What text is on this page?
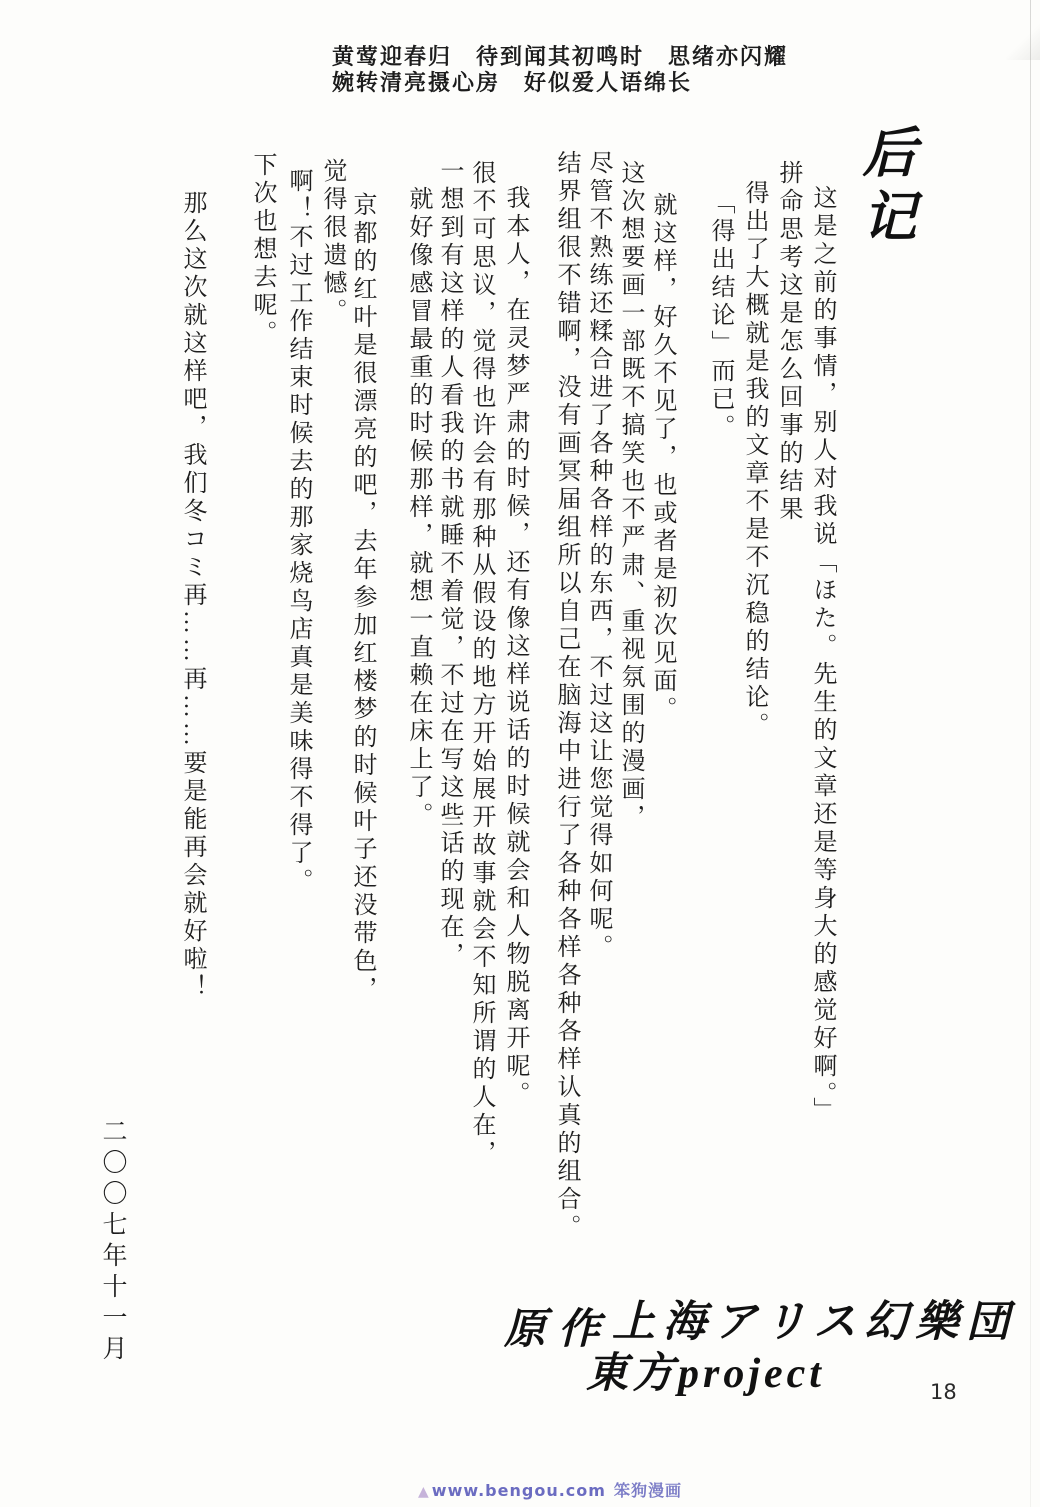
黄莺迎春归　待到闻其初鸣时　思绪亦闪耀
婉转清亮摄心房　好似爱人语绵长
后记
这是之前的事情，别人对我说「ほた。先生的文章还是等身大的感觉好啊。」
拼命思考这是怎么回事的结果
得出了大概就是我的文章不是不沉稳的结论。
「得出结论」而已。
就这样，好久不见了，也或者是初次见面。
这次想要画一部既不搞笑也不严肃、重视氛围的漫画，
尽管不熟练还糅合进了各种各样的东西，不过这让您觉得如何呢。
结界组很不错啊，没有画冥届组所以自己在脑海中进行了各种各样各种各样认真的组合。
我本人，在灵梦严肃的时候，还有像这样说话的时候就会和人物脱离开呢。
很不可思议，觉得也许会有那种从假设的地方开始展开故事就会不知所谓的人在，
一想到有这样的人看我的书就睡不着觉，不过在写这些话的现在，
就好像感冒最重的时候那样，就想一直赖在床上了。
京都的红叶是很漂亮的吧，去年参加红楼梦的时候叶子还没带色，
觉得很遗憾。
啊！不过工作结束时候去的那家烧鸟店真是美味得不得了。
下次也想去呢。
那么这次就这样吧，我们冬コミ再……再……要是能再会就好啦！
二〇〇七年十一月	原作 上海アリス幻樂団
東方project	18
▲ www.bengou.com 笨狗漫画
